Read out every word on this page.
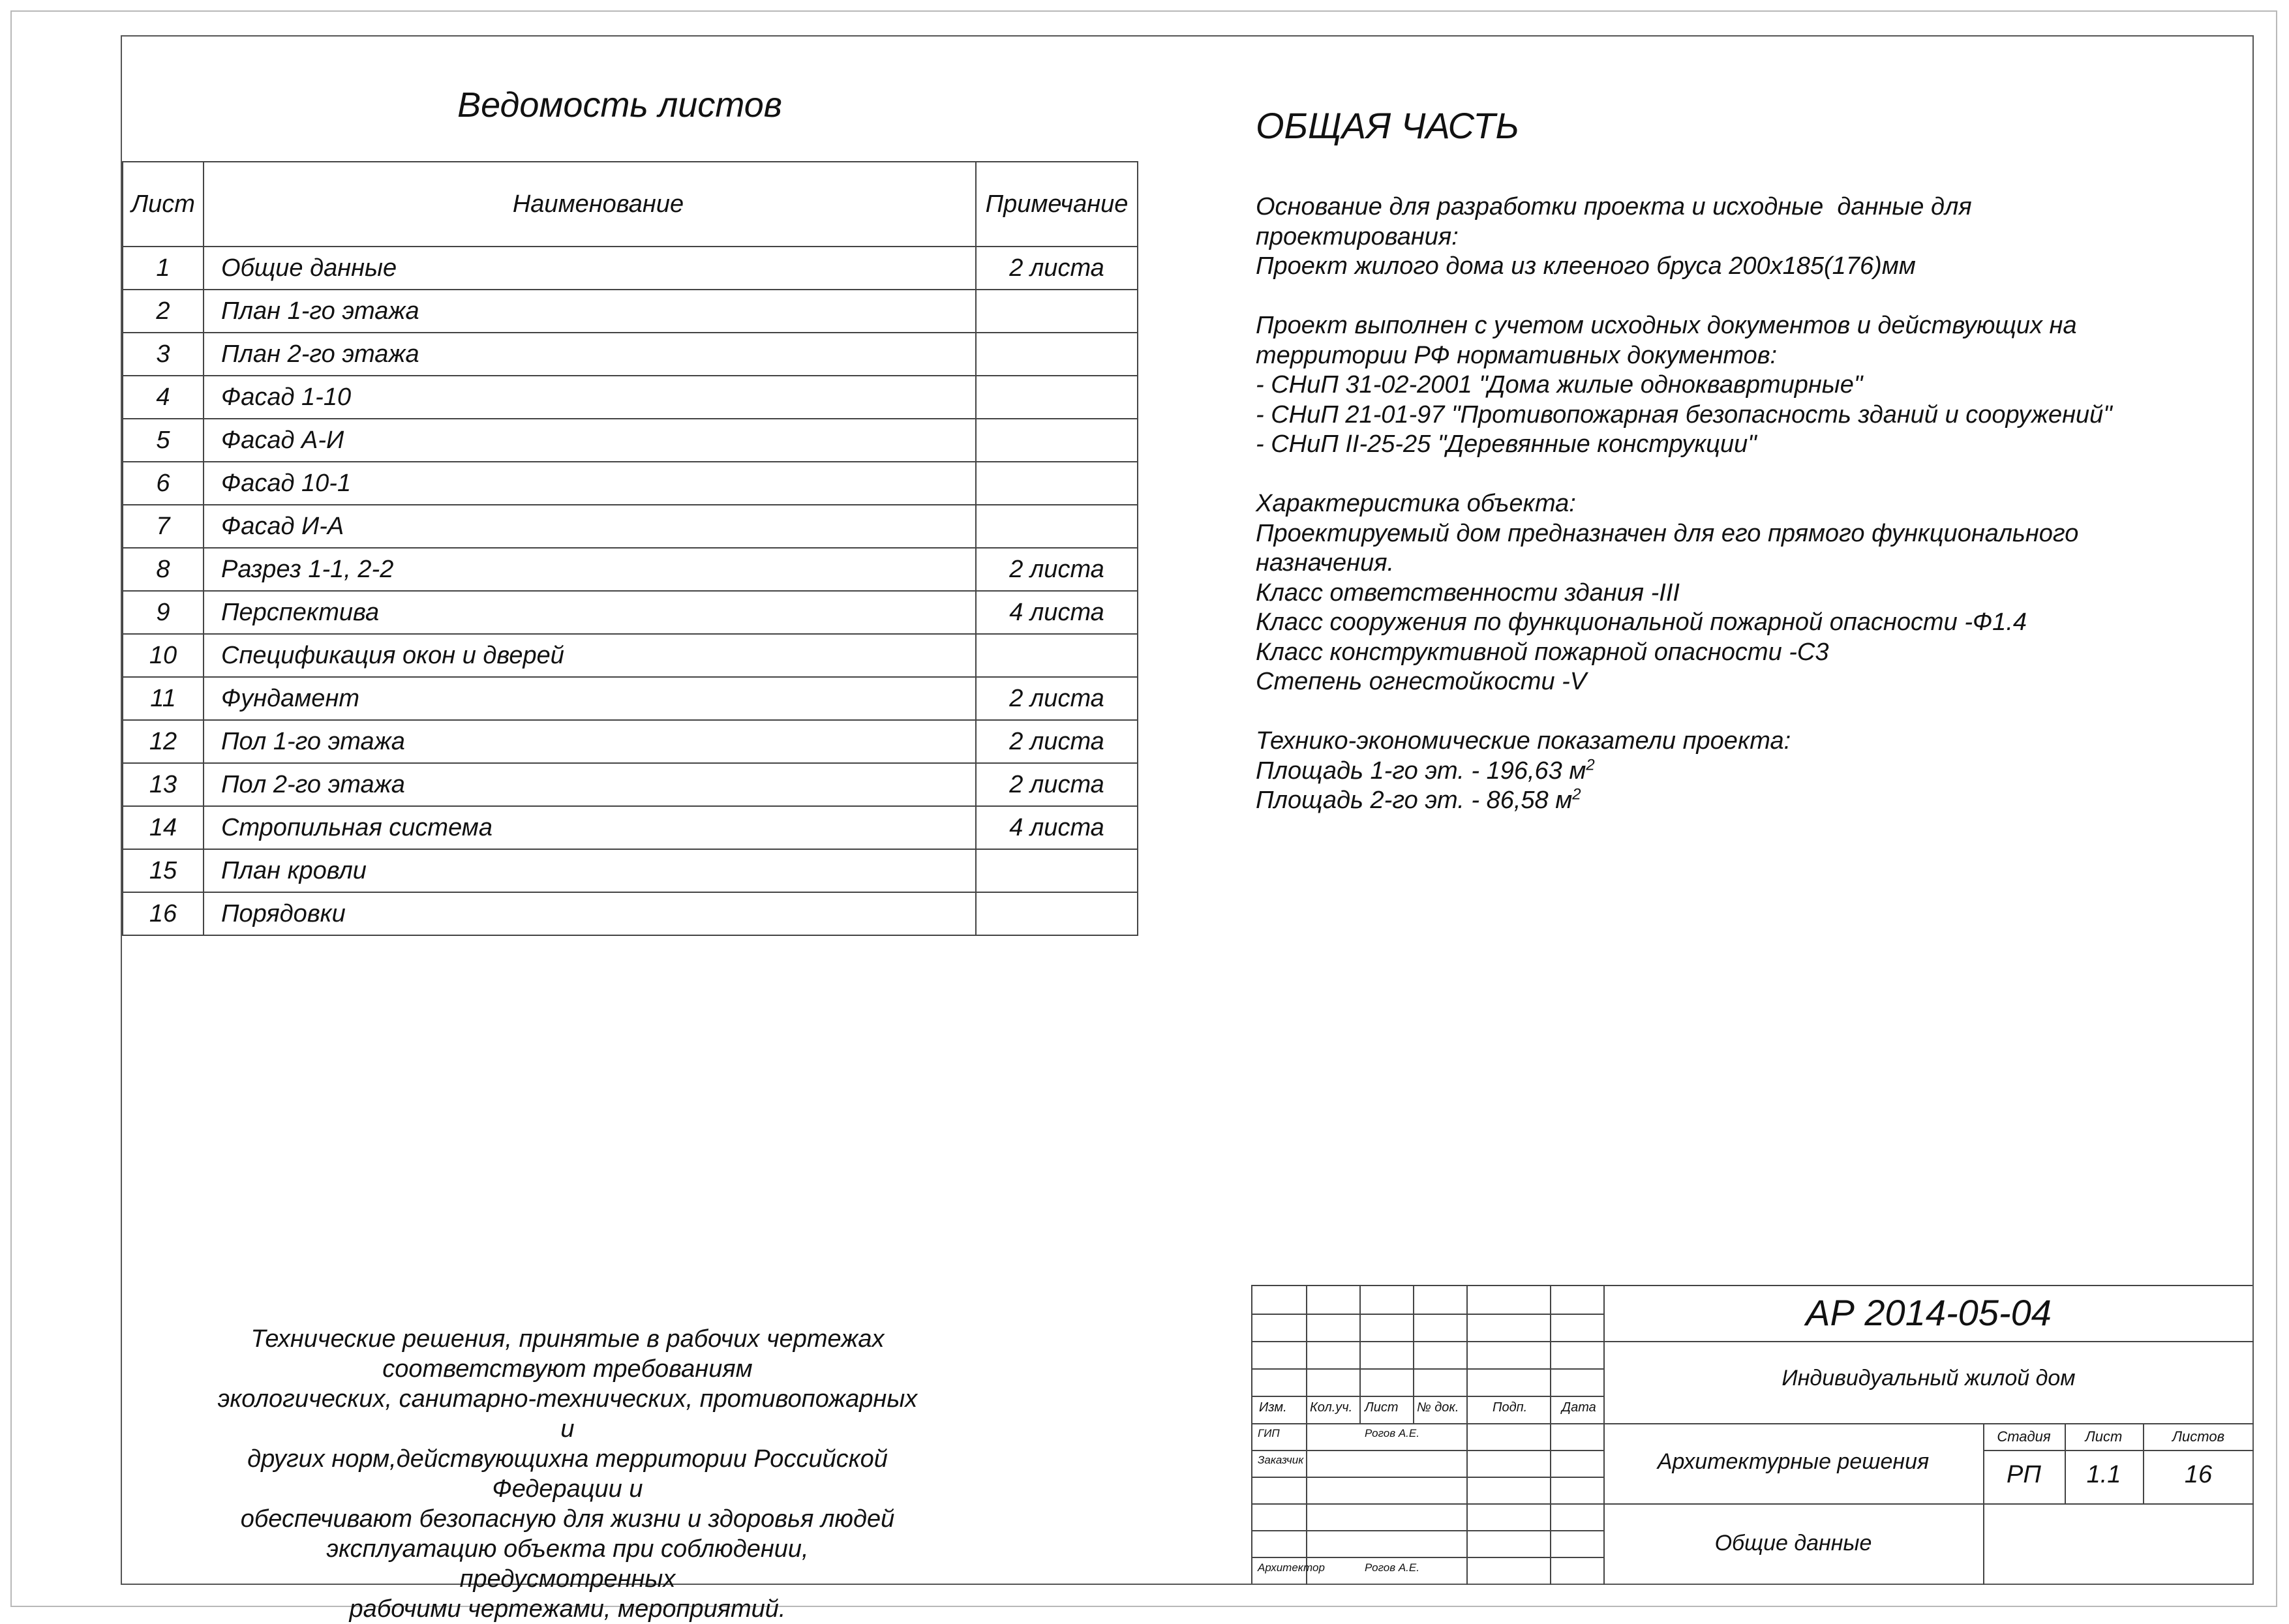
Ведомость листов
Лист	Наименование	Примечание
1	Общие данные	2 листа
2	План 1-го этажа	
3	План 2-го этажа	
4	Фасад 1-10	
5	Фасад А-И	
6	Фасад 10-1	
7	Фасад И-А	
8	Разрез 1-1, 2-2	2 листа
9	Перспектива	4 листа
10	Спецификация окон и дверей	
11	Фундамент	2 листа
12	Пол 1-го этажа	2 листа
13	Пол 2-го этажа	2 листа
14	Стропильная система	4 листа
15	План кровли	
16	Порядовки	
ОБЩАЯ ЧАСТЬ
Основание для разработки проекта и исходные  данные для
проектирования:
Проект жилого дома из клееного бруса 200х185(176)мм
Проект выполнен с учетом исходных документов и действующих на
территории РФ нормативных документов:
- СНиП 31-02-2001 "Дома жилые одноквавртирные"
- СНиП 21-01-97 "Противопожарная безопасность зданий и сооружений"
- СНиП II-25-25 "Деревянные конструкции"
Характеристика объекта:
Проектируемый дом предназначен для его прямого функционального
назначения.
Класс ответственности здания -III
Класс сооружения по функциональной пожарной опасности -Ф1.4
Класс конструктивной пожарной опасности -С3
Степень огнестойкости -V
Технико-экономические показатели проекта:
Площадь 1-го эт. - 196,63 $м^2$
Площадь 2-го эт. - 86,58 $м^2$
Технические решения, принятые в рабочих чертежах
соответствуют требованиям
экологических, санитарно-технических, противопожарных и
других норм,действующихна территории Российской Федерации и
обеспечивают безопасную для жизни и здоровья людей
эксплуатацию объекта при соблюдении, предусмотренных
рабочими чертежами, мероприятий.
Изм. Кол.уч. Лист № док.	Подп.	Дата
ГИП	Рогов А.Е.
Заказчик
Архитектор	Рогов А.Е.
АР 2014-05-04
Индивидуальный жилой дом
Архитектурные решения
Общие данные
Стадия	Лист	Листов
РП	1.1	16
